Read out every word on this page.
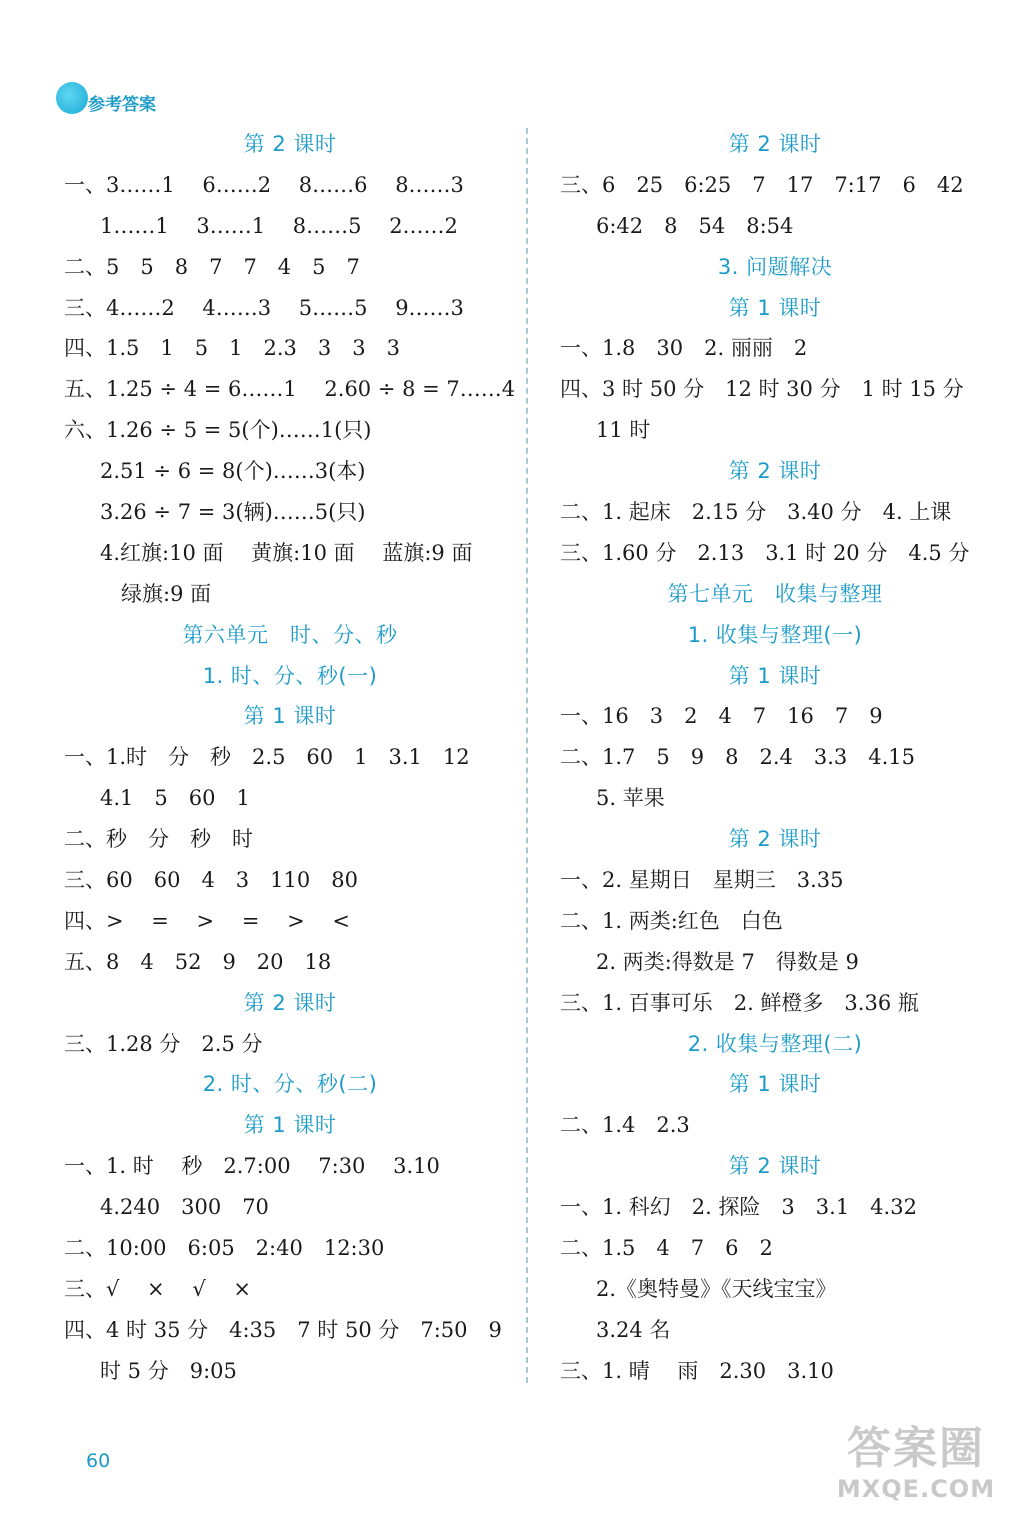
参考答案
第 2 课时
一、3……1　 6……2　 8……6　 8……3
1……1　 3……1　 8……5　 2……2
二、5　5　8　7　7　4　5　7
三、4……2　 4……3　 5……5　 9……3
四、1.5　1　5　1　2.3　3　3　3
五、1.25 ÷ 4 = 6……1　 2.60 ÷ 8 = 7……4
六、1.26 ÷ 5 = 5(个)……1(只)
2.51 ÷ 6 = 8(个)……3(本)
3.26 ÷ 7 = 3(辆)……5(只)
4.红旗:10 面　 黄旗:10 面　 蓝旗:9 面
　绿旗:9 面
第六单元　时、分、秒
1. 时、分、秒(一)
第 1 课时
一、1.时　分　秒　2.5　60　1　3.1　12
4.1　5　60　1
二、秒　分　秒　时
三、60　60　4　3　110　80
四、>　 =　 >　 =　 >　 <
五、8　4　52　9　20　18
第 2 课时
三、1.28 分　2.5 分
2. 时、分、秒(二)
第 1 课时
一、1. 时　 秒　2.7:00　 7:30　 3.10
4.240　300　70
二、10:00　6:05　2:40　12:30
三、√　 ×　 √　 ×
四、4 时 35 分　4:35　7 时 50 分　7:50　9
时 5 分　9:05
第 2 课时
三、6　25　6:25　7　17　7:17　6　42
6:42　8　54　8:54
3. 问题解决
第 1 课时
一、1.8　30　2. 丽丽　2
四、3 时 50 分　12 时 30 分　1 时 15 分
11 时
第 2 课时
二、1. 起床　2.15 分　3.40 分　4. 上课
三、1.60 分　2.13　3.1 时 20 分　4.5 分
第七单元　收集与整理
1. 收集与整理(一)
第 1 课时
一、16　3　2　4　7　16　7　9
二、1.7　5　9　8　2.4　3.3　4.15
5. 苹果
第 2 课时
一、2. 星期日　星期三　3.35
二、1. 两类:红色　白色
2. 两类:得数是 7　得数是 9
三、1. 百事可乐　2. 鲜橙多　3.36 瓶
2. 收集与整理(二)
第 1 课时
二、1.4　2.3
第 2 课时
一、1. 科幻　2. 探险　3　3.1　4.32
二、1.5　4　7　6　2
2.《奥特曼》《天线宝宝》
3.24 名
三、1. 晴　 雨　2.30　3.10
60	答案圈
MXQE.COM
